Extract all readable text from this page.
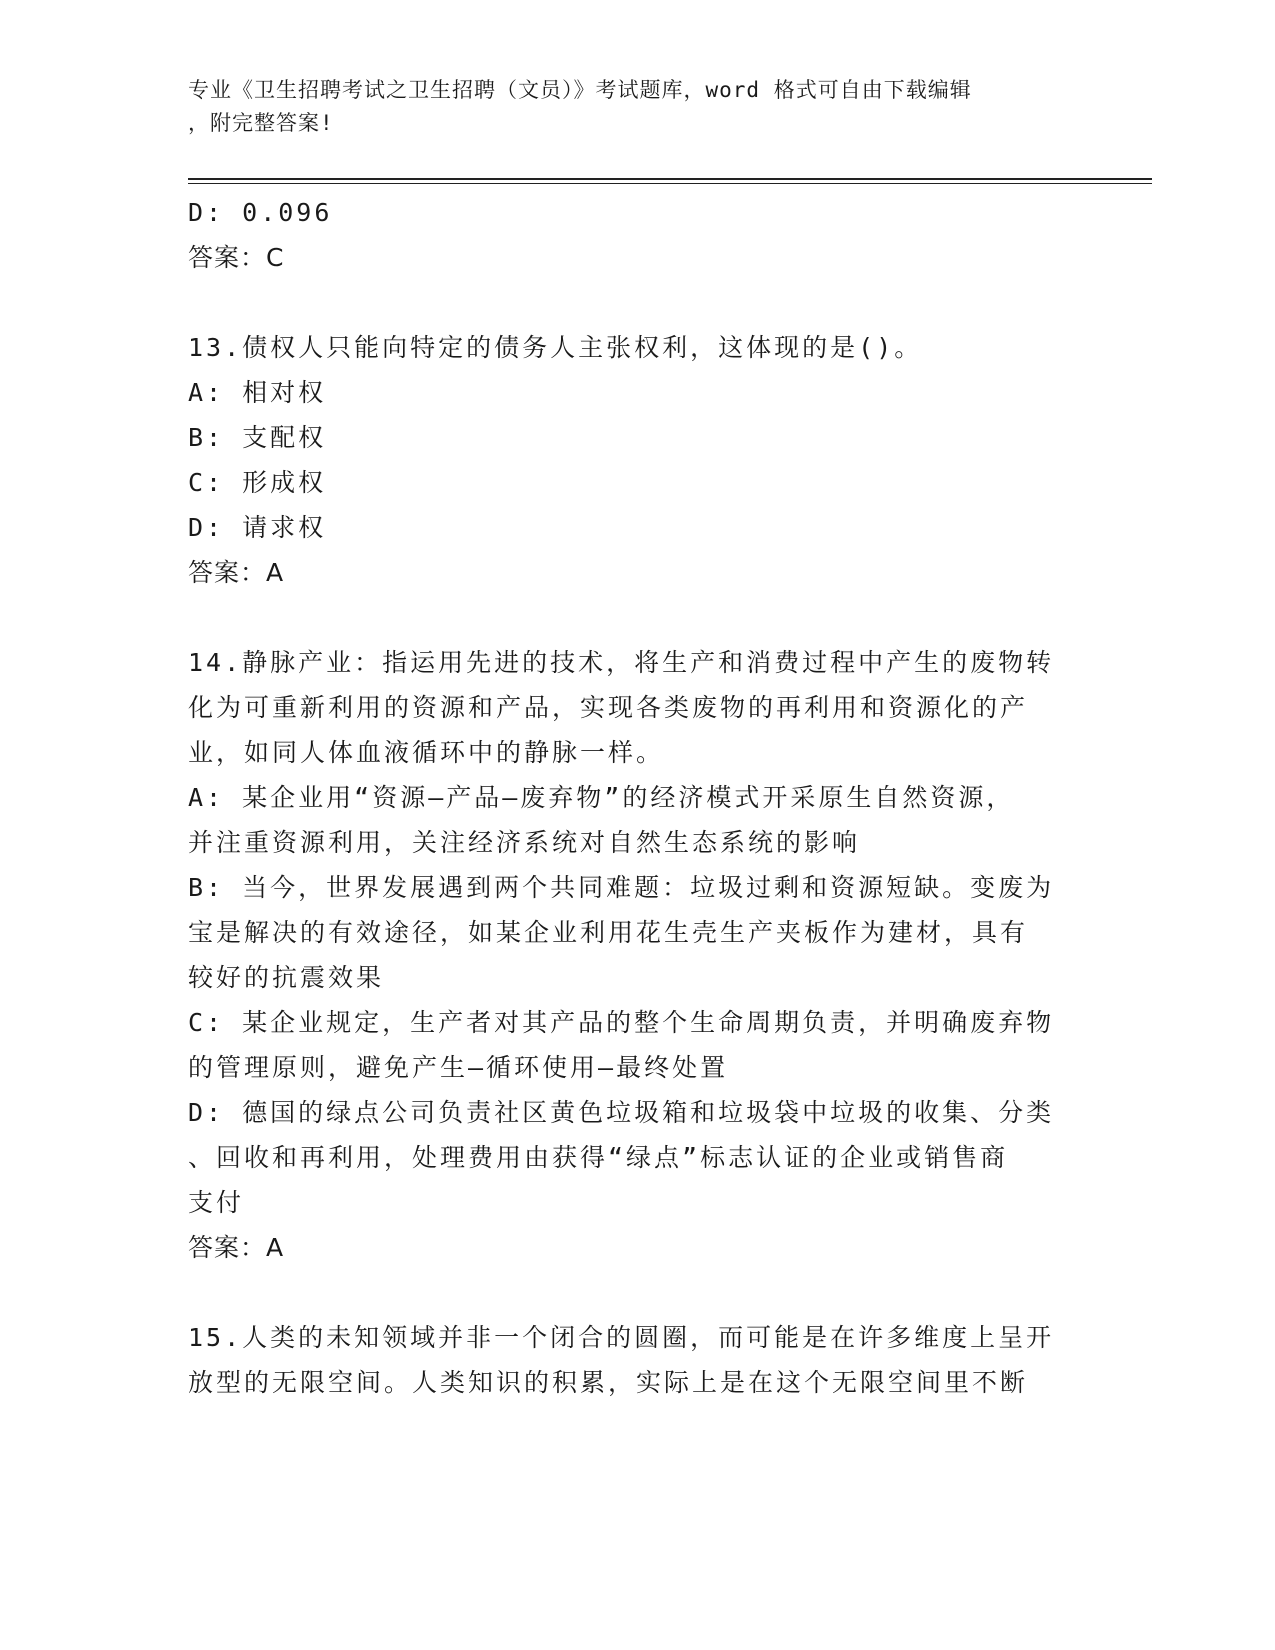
专业《卫生招聘考试之卫生招聘（文员）》考试题库，word 格式可自由下载编辑
，附完整答案!
D: 0.096
答案：C
13.债权人只能向特定的债务人主张权利，这体现的是()。
A: 相对权
B: 支配权
C: 形成权
D: 请求权
答案：A
14.静脉产业：指运用先进的技术，将生产和消费过程中产生的废物转
化为可重新利用的资源和产品，实现各类废物的再利用和资源化的产
业，如同人体血液循环中的静脉一样。
A: 某企业用“资源—产品—废弃物”的经济模式开采原生自然资源，
并注重资源利用，关注经济系统对自然生态系统的影响
B: 当今，世界发展遇到两个共同难题：垃圾过剩和资源短缺。变废为
宝是解决的有效途径，如某企业利用花生壳生产夹板作为建材，具有
较好的抗震效果
C: 某企业规定，生产者对其产品的整个生命周期负责，并明确废弃物
的管理原则，避免产生—循环使用—最终处置
D: 德国的绿点公司负责社区黄色垃圾箱和垃圾袋中垃圾的收集、分类
、回收和再利用，处理费用由获得“绿点”标志认证的企业或销售商
支付
答案：A
15.人类的未知领域并非一个闭合的圆圈，而可能是在许多维度上呈开
放型的无限空间。人类知识的积累，实际上是在这个无限空间里不断
